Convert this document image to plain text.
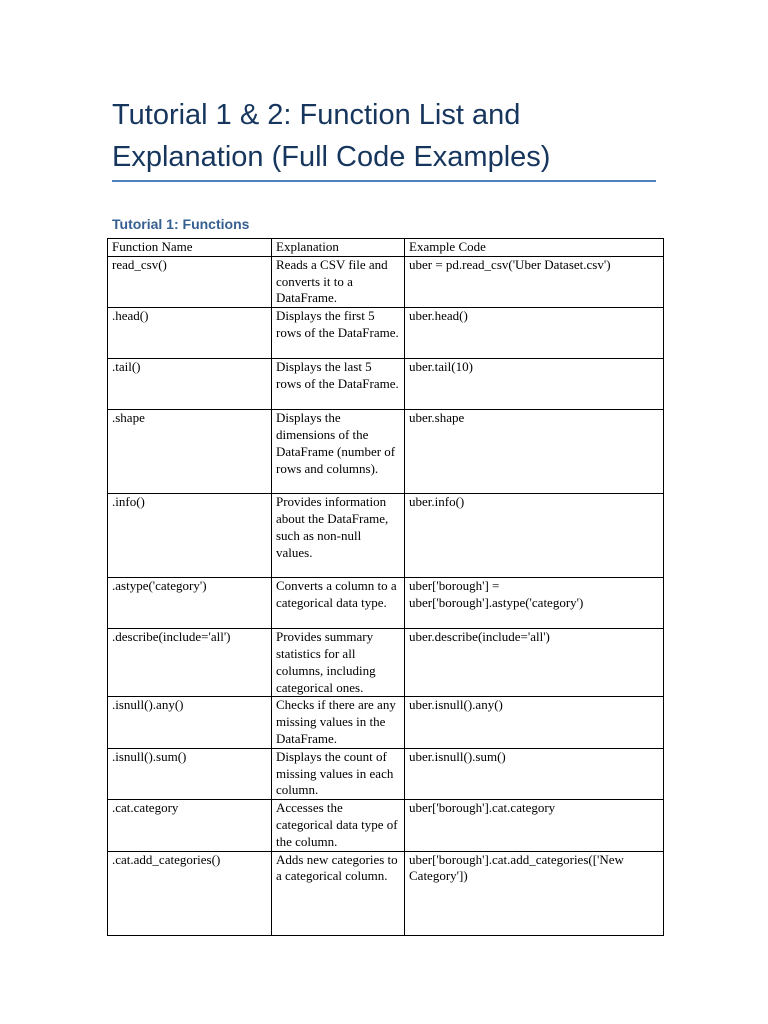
Tutorial 1 & 2: Function List and Explanation (Full Code Examples)
Tutorial 1: Functions
Function Name	Explanation	Example Code
read_csv()	Reads a CSV file and converts it to a DataFrame.	uber = pd.read_csv('Uber Dataset.csv')
.head()	Displays the first 5 rows of the DataFrame.	uber.head()
.tail()	Displays the last 5 rows of the DataFrame.	uber.tail(10)
.shape	Displays the dimensions of the DataFrame (number of rows and columns).	uber.shape
.info()	Provides information about the DataFrame, such as non-null values.	uber.info()
.astype('category')	Converts a column to a categorical data type.	uber['borough'] = uber['borough'].astype('category')
.describe(include='all')	Provides summary statistics for all columns, including categorical ones.	uber.describe(include='all')
.isnull().any()	Checks if there are any missing values in the DataFrame.	uber.isnull().any()
.isnull().sum()	Displays the count of missing values in each column.	uber.isnull().sum()
.cat.category	Accesses the categorical data type of the column.	uber['borough'].cat.category
.cat.add_categories()	Adds new categories to a categorical column.	uber['borough'].cat.add_categories(['New Category'])
